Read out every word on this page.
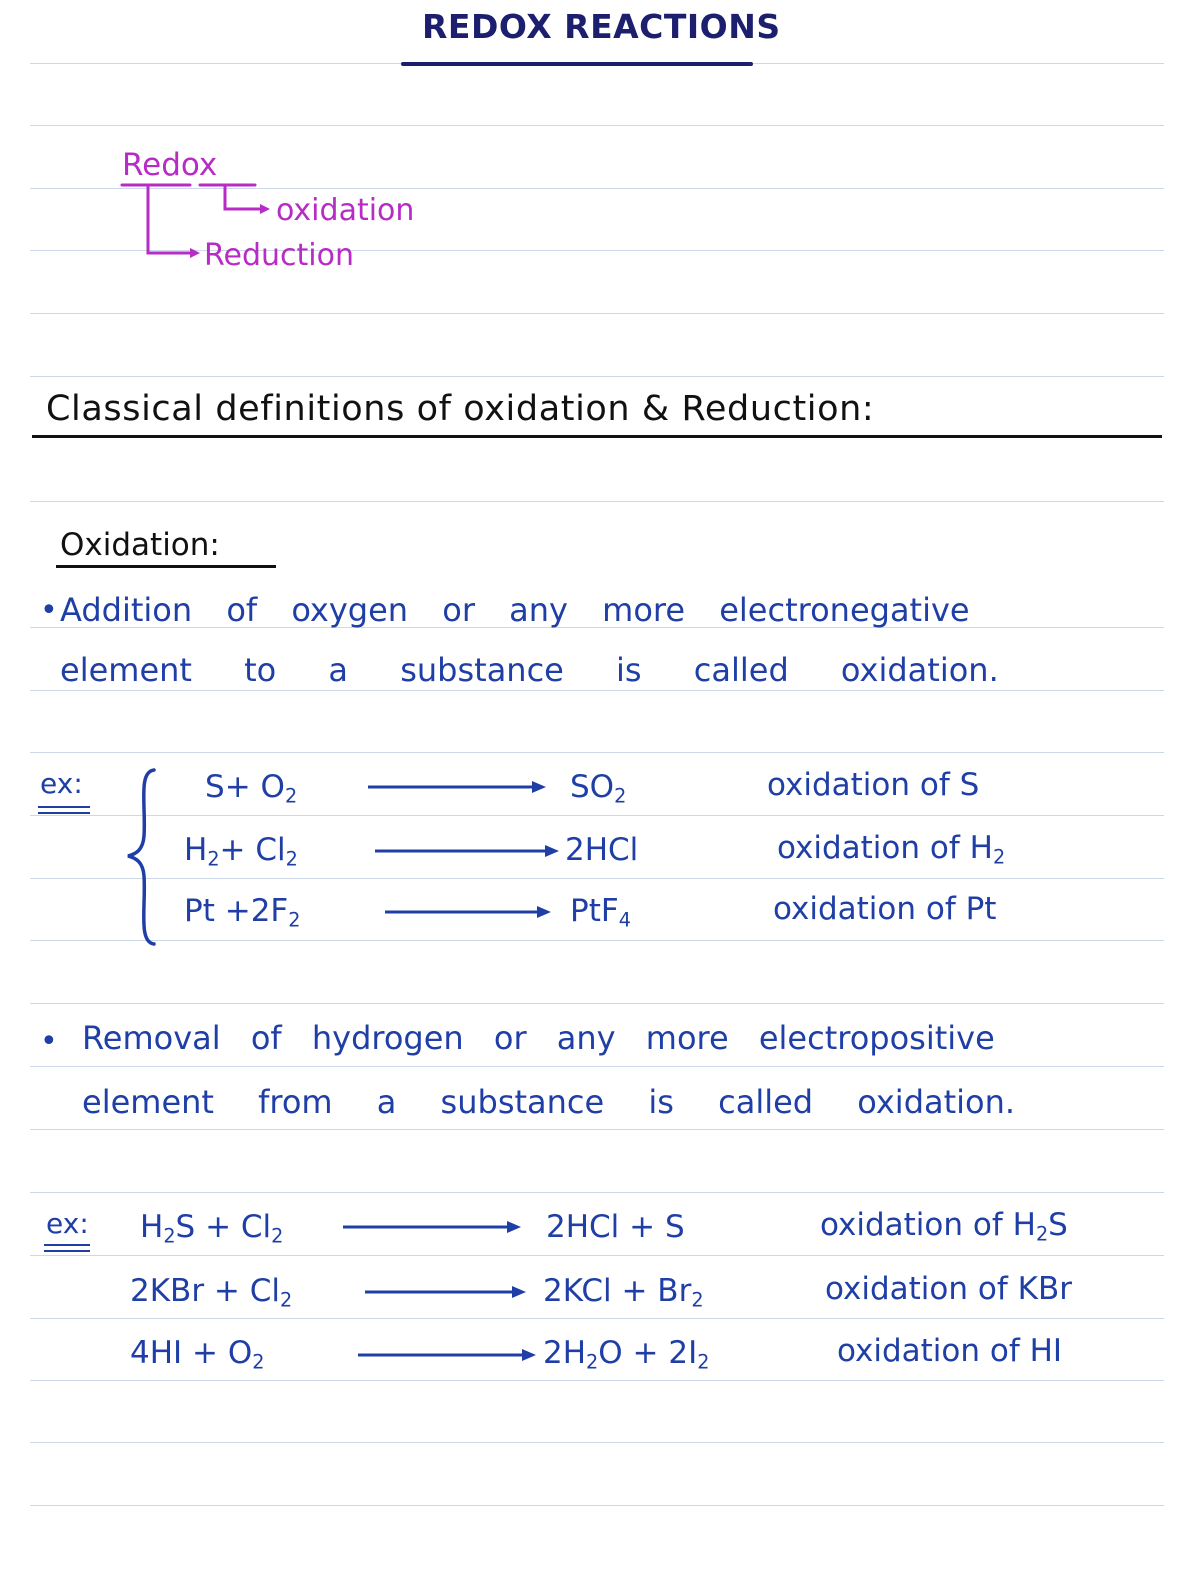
REDOX REACTIONS
Redox
oxidation
Reduction
Classical definitions of oxidation & Reduction:
Oxidation:
• Addition of oxygen or any more electronegative
element to a substance is called oxidation.
ex:	$S+ O_2$	$SO_2$	oxidation of S
$H_2+ Cl_2$	2HCl	oxidation of $H_2$
$Pt +2F_2$	PtF$_4$	oxidation of Pt
• Removal of hydrogen or any more electropositive
element from a substance is called oxidation.
ex: $H_2S + Cl_2$	2HCl + S	oxidation of $H_2S$
$2KBr + Cl_2$	$2KCl + Br_2$	oxidation of KBr
$4HI + O_2$	$2H_2O + 2I_2$	oxidation of HI
